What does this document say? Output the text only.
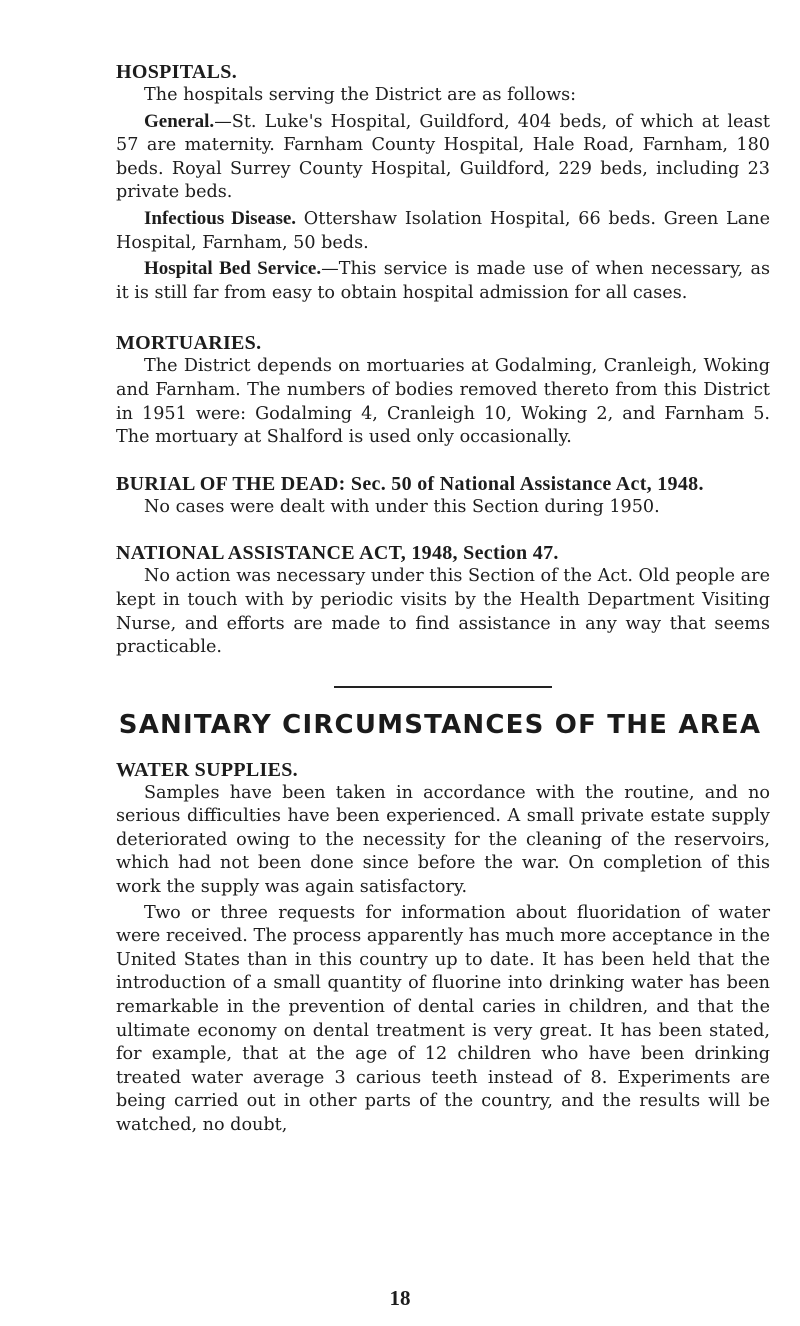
HOSPITALS.

The hospitals serving the District are as follows:

General.—St. Luke's Hospital, Guildford, 404 beds, of which at least 57 are maternity. Farnham County Hospital, Hale Road, Farnham, 180 beds. Royal Surrey County Hospital, Guildford, 229 beds, including 23 private beds.

Infectious Disease. Ottershaw Isolation Hospital, 66 beds. Green Lane Hospital, Farnham, 50 beds.

Hospital Bed Service.—This service is made use of when necessary, as it is still far from easy to obtain hospital admission for all cases.

MORTUARIES.

The District depends on mortuaries at Godalming, Cranleigh, Woking and Farnham. The numbers of bodies removed thereto from this District in 1951 were: Godalming 4, Cranleigh 10, Woking 2, and Farnham 5. The mortuary at Shalford is used only occasionally.

BURIAL OF THE DEAD: Sec. 50 of National Assistance Act, 1948.

No cases were dealt with under this Section during 1950.

NATIONAL ASSISTANCE ACT, 1948, Section 47.

No action was necessary under this Section of the Act. Old people are kept in touch with by periodic visits by the Health Department Visiting Nurse, and efforts are made to find assistance in any way that seems practicable.

SANITARY CIRCUMSTANCES OF THE AREA
WATER SUPPLIES.

Samples have been taken in accordance with the routine, and no serious difficulties have been experienced. A small private estate supply deteriorated owing to the necessity for the cleaning of the reservoirs, which had not been done since before the war. On completion of this work the supply was again satisfactory.

Two or three requests for information about fluoridation of water were received. The process apparently has much more acceptance in the United States than in this country up to date. It has been held that the introduction of a small quantity of fluorine into drinking water has been remarkable in the prevention of dental caries in children, and that the ultimate economy on dental treatment is very great. It has been stated, for example, that at the age of 12 children who have been drinking treated water average 3 carious teeth instead of 8. Experiments are being carried out in other parts of the country, and the results will be watched, no doubt,

18
